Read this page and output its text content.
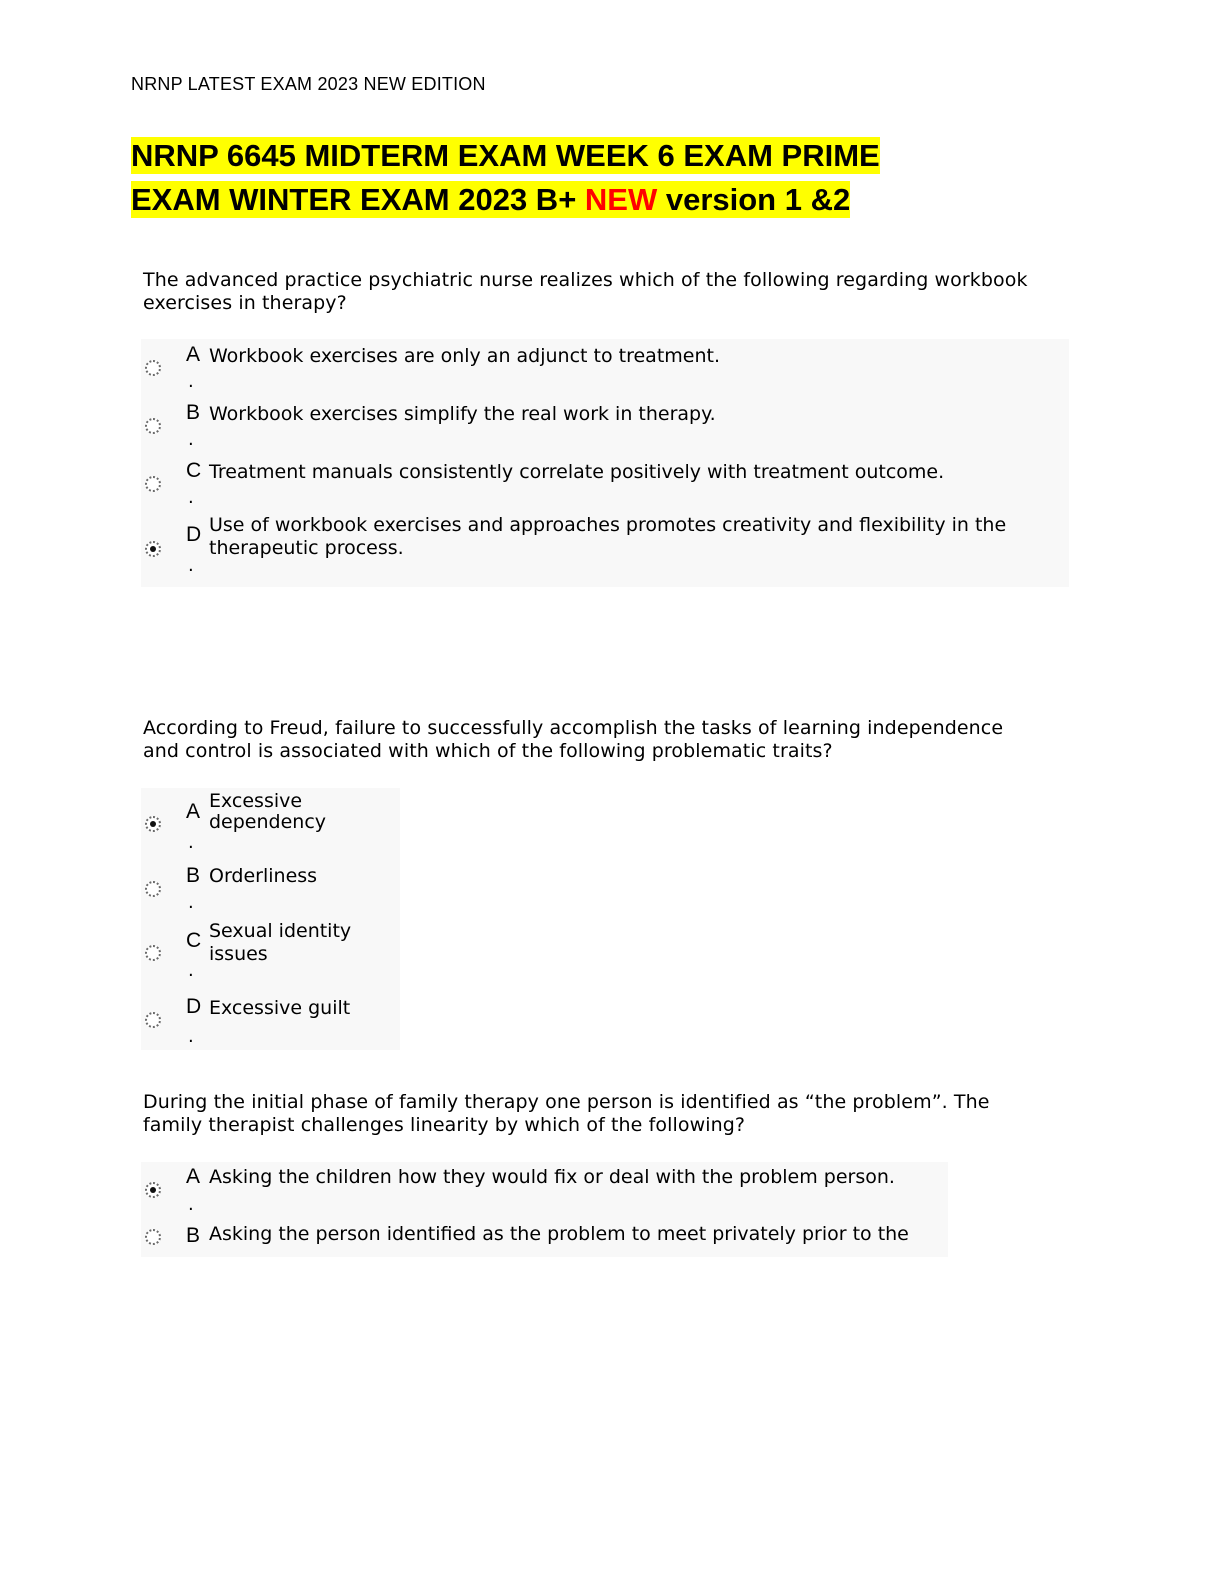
NRNP LATEST EXAM 2023 NEW EDITION
NRNP 6645 MIDTERM EXAM WEEK 6 EXAM PRIME
EXAM WINTER EXAM 2023 B+ NEW version 1 &2
The advanced practice psychiatric nurse realizes which of the following regarding workbook exercises in therapy?
A
.
Workbook exercises are only an adjunct to treatment.
B
.
Workbook exercises simplify the real work in therapy.
C
.
Treatment manuals consistently correlate positively with treatment outcome.
D
.
Use of workbook exercises and approaches promotes creativity and flexibility in the therapeutic process.
According to Freud, failure to successfully accomplish the tasks of learning independence and control is associated with which of the following problematic traits?
A
.
Excessive dependency
B
.
Orderliness
C
.
Sexual identity issues
D
.
Excessive guilt
During the initial phase of family therapy one person is identified as “the problem”. The family therapist challenges linearity by which of the following?
A
.
Asking the children how they would fix or deal with the problem person.
B Asking the person identified as the problem to meet privately prior to the
